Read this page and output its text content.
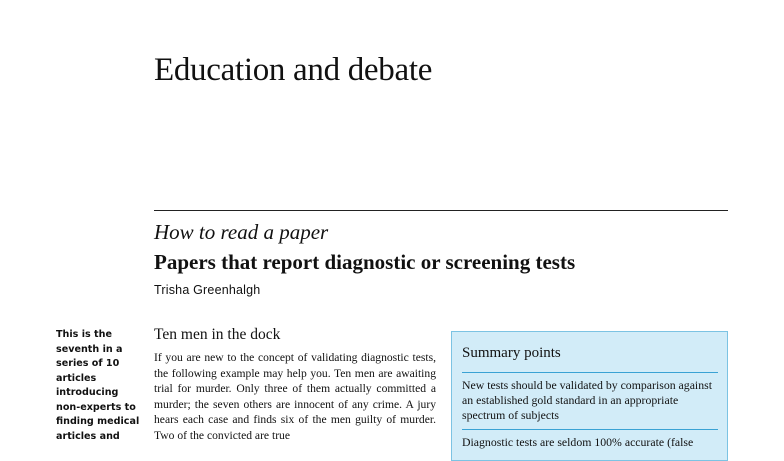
Education and debate
How to read a paper
Papers that report diagnostic or screening tests
Trisha Greenhalgh
This is the
seventh in a
series of 10
articles
introducing
non-experts to
finding medical
articles and
Ten men in the dock

If you are new to the concept of validating diagnostic tests, the following example may help you. Ten men are awaiting trial for murder. Only three of them actually committed a murder; the seven others are innocent of any crime. A jury hears each case and finds six of the men guilty of murder. Two of the convicted are true

Summary points
New tests should be validated by comparison against an established gold standard in an appropriate spectrum of subjects
Diagnostic tests are seldom 100% accurate (false
